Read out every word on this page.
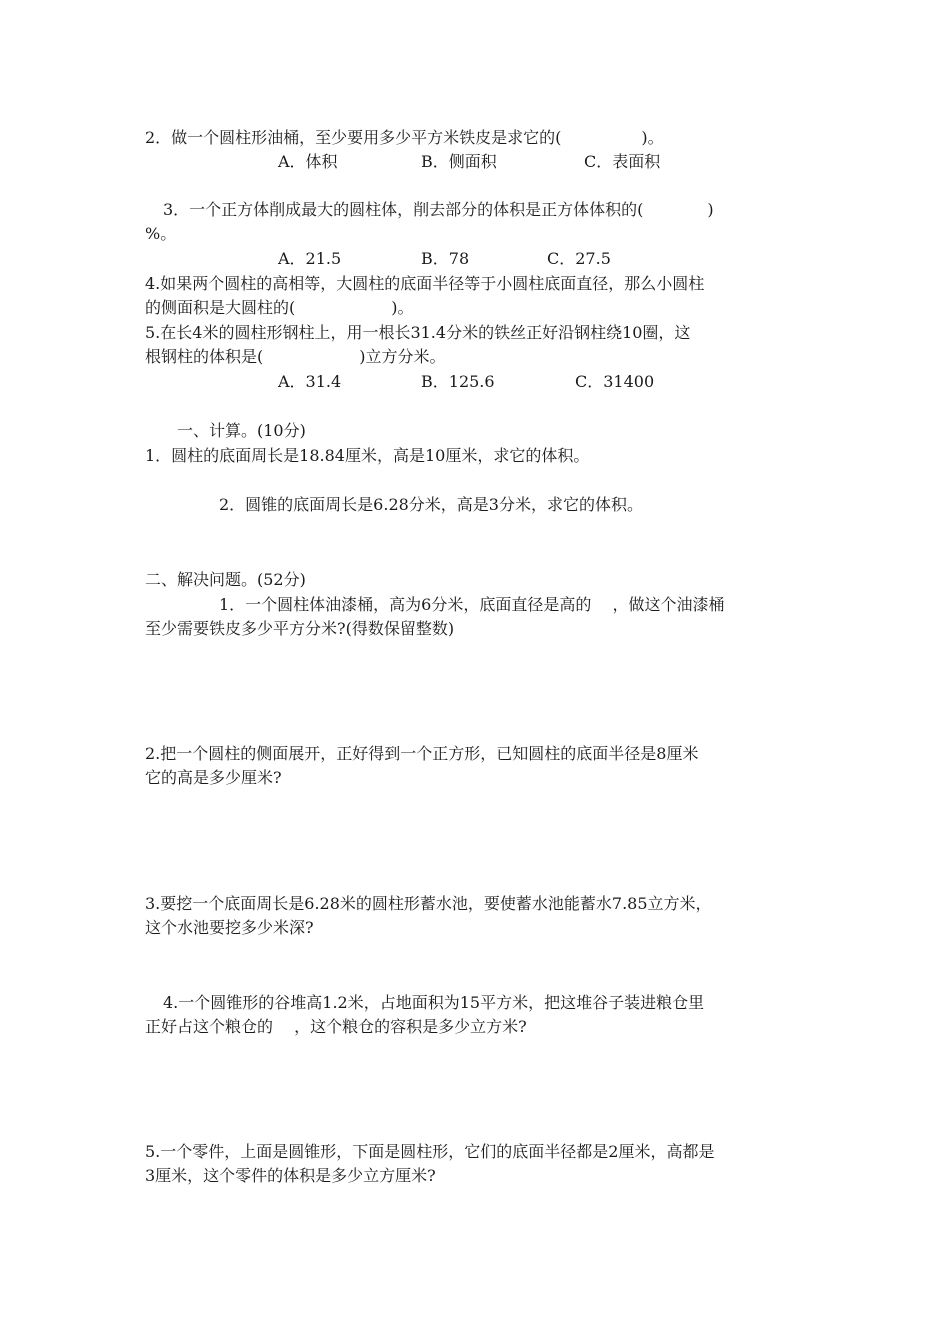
2．做一个圆柱形油桶，至少要用多少平方米铁皮是求它的(　　　　　)。
A．体积	B．侧面积	C．表面积
3．一个正方体削成最大的圆柱体，削去部分的体积是正方体体积的(　　　　)
%。
A．21.5	B．78	C．27.5
4.如果两个圆柱的高相等，大圆柱的底面半径等于小圆柱底面直径，那么小圆柱
的侧面积是大圆柱的(　　　　　　)。
5.在长4米的圆柱形钢柱上，用一根长31.4分米的铁丝正好沿钢柱绕10圈，这
根钢柱的体积是(　　　　　　)立方分米。
A．31.4	B．125.6	C．31400
一、计算。(10分)
1．圆柱的底面周长是18.84厘米，高是10厘米，求它的体积。
2．圆锥的底面周长是6.28分米，高是3分米，求它的体积。
二、解决问题。(52分)
1．一个圆柱体油漆桶，高为6分米，底面直径是高的　 ，做这个油漆桶
至少需要铁皮多少平方分米?(得数保留整数)
2.把一个圆柱的侧面展开，正好得到一个正方形，已知圆柱的底面半径是8厘米
它的高是多少厘米?
3.要挖一个底面周长是6.28米的圆柱形蓄水池，要使蓄水池能蓄水7.85立方米，
这个水池要挖多少米深?
4.一个圆锥形的谷堆高1.2米，占地面积为15平方米，把这堆谷子装进粮仓里
正好占这个粮仓的　 ，这个粮仓的容积是多少立方米?
5.一个零件，上面是圆锥形，下面是圆柱形，它们的底面半径都是2厘米，高都是
3厘米，这个零件的体积是多少立方厘米?
